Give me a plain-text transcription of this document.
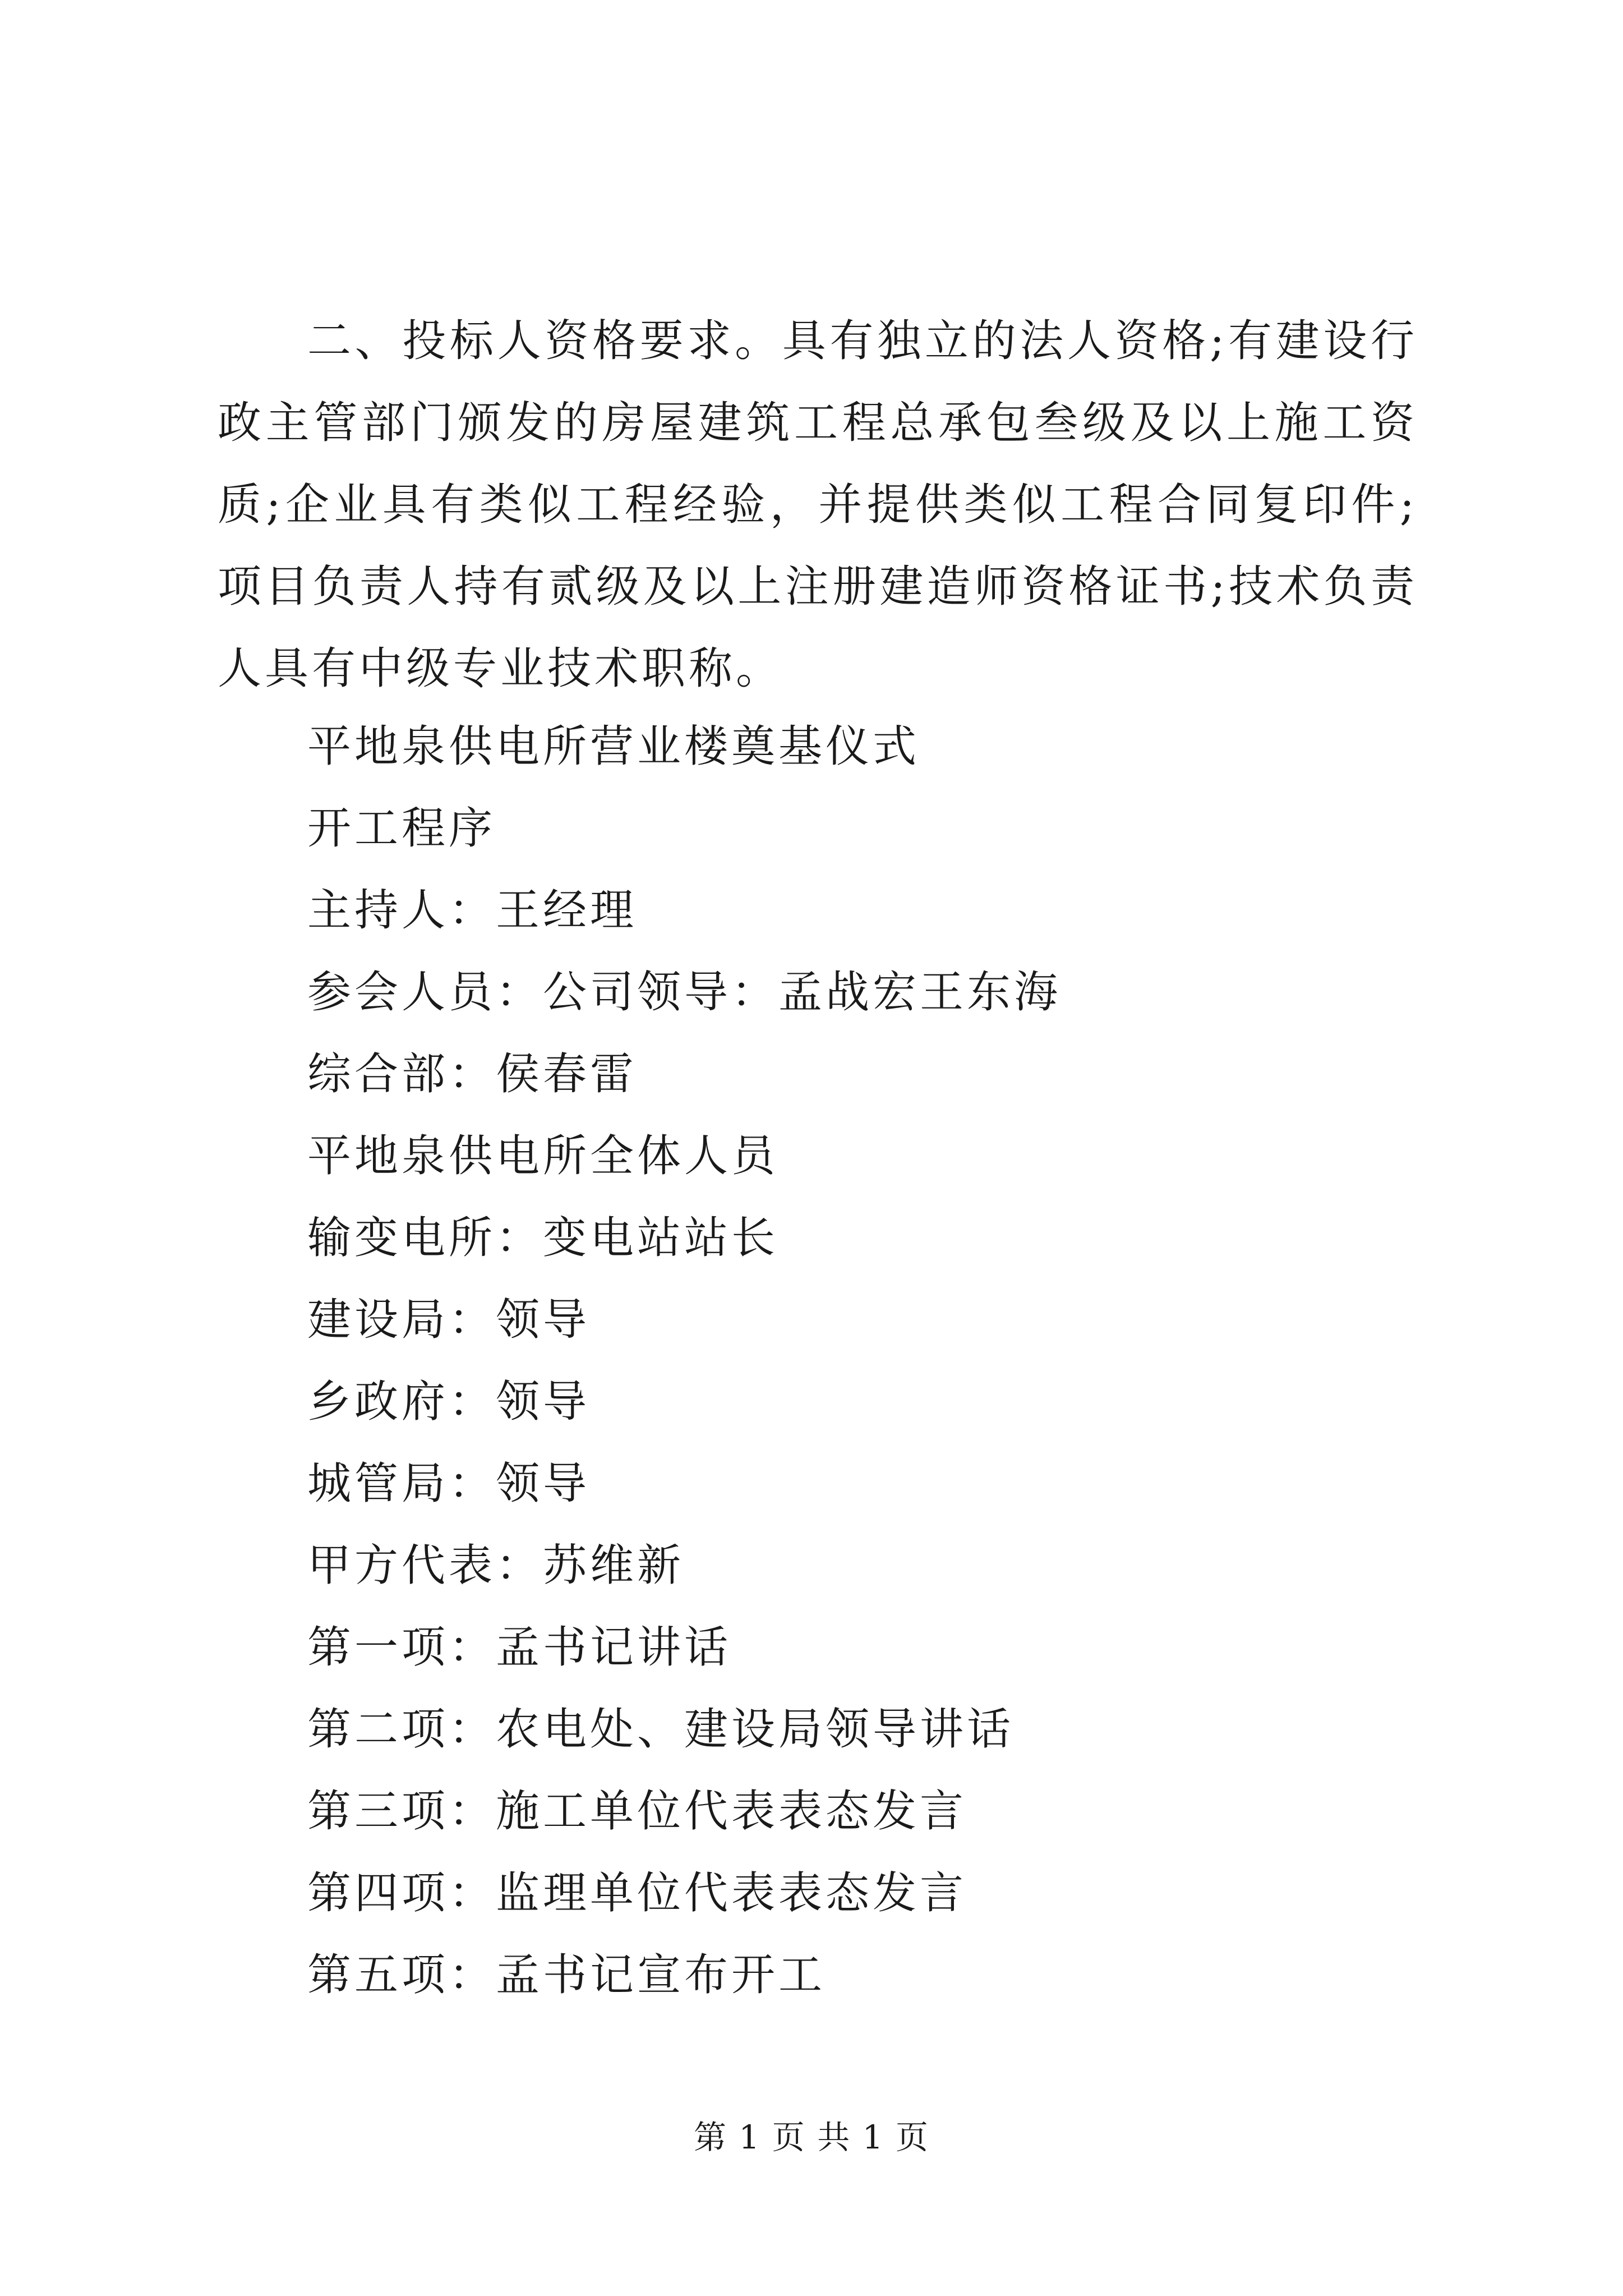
二、投标人资格要求。具有独立的法人资格;有建设行政主管部门颁发的房屋建筑工程总承包叁级及以上施工资质;企业具有类似工程经验，并提供类似工程合同复印件;项目负责人持有贰级及以上注册建造师资格证书;技术负责人具有中级专业技术职称。

平地泉供电所营业楼奠基仪式
开工程序
主持人：王经理
参会人员：公司领导：孟战宏王东海
综合部：侯春雷
平地泉供电所全体人员
输变电所：变电站站长
建设局：领导
乡政府：领导
城管局：领导
甲方代表：苏维新
第一项：孟书记讲话
第二项：农电处、建设局领导讲话
第三项：施工单位代表表态发言
第四项：监理单位代表表态发言
第五项：孟书记宣布开工
第 1 页 共 1 页
